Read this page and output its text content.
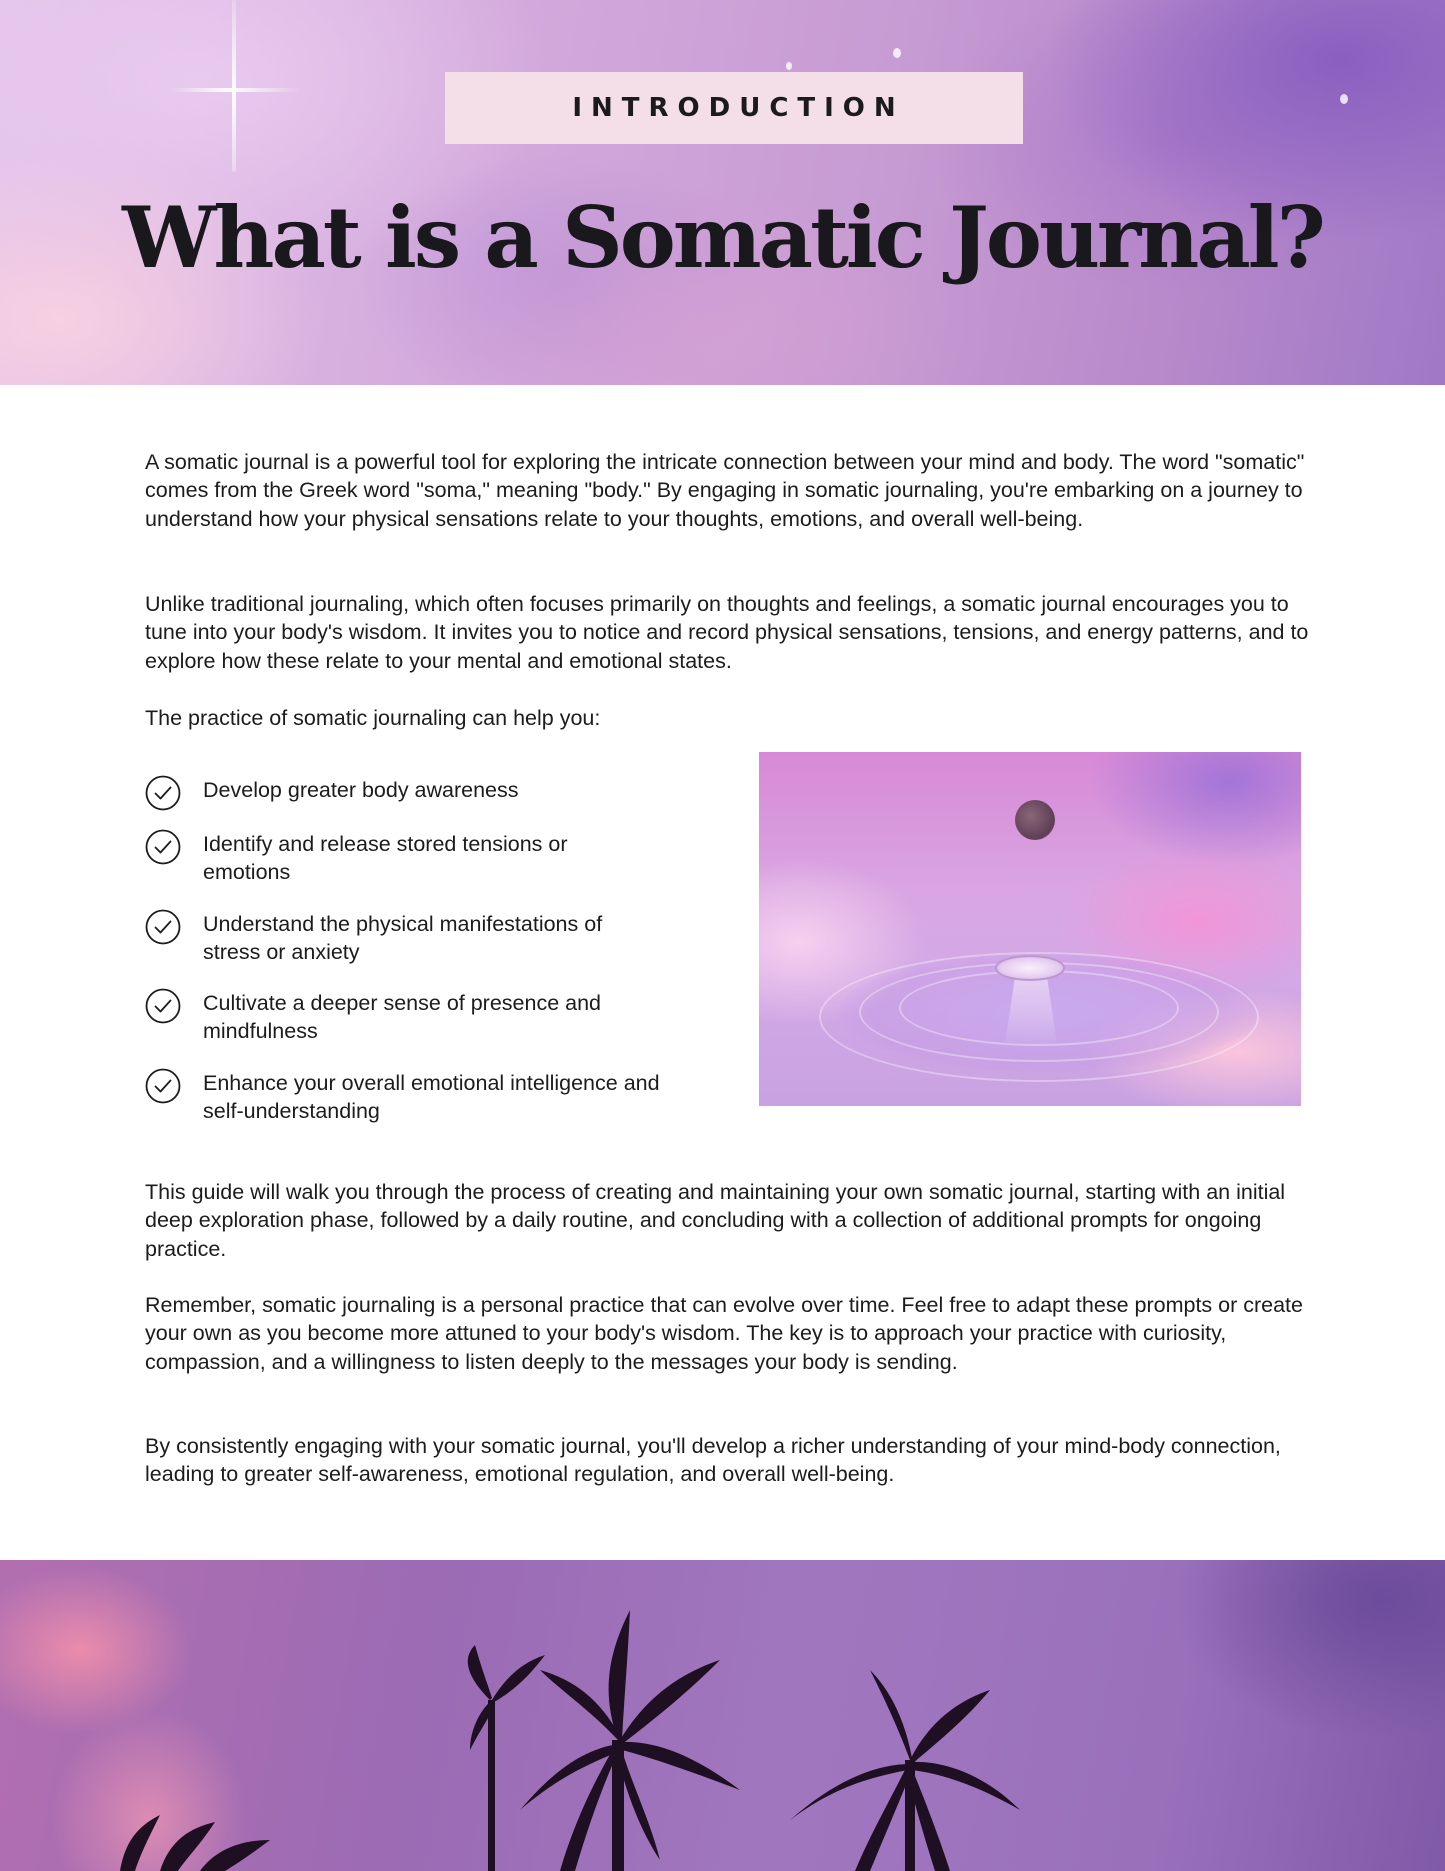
INTRODUCTION
What is a Somatic Journal?

A somatic journal is a powerful tool for exploring the intricate connection between your mind and body. The word "somatic" comes from the Greek word "soma," meaning "body." By engaging in somatic journaling, you're embarking on a journey to understand how your physical sensations relate to your thoughts, emotions, and overall well-being.

Unlike traditional journaling, which often focuses primarily on thoughts and feelings, a somatic journal encourages you to tune into your body's wisdom. It invites you to notice and record physical sensations, tensions, and energy patterns, and to explore how these relate to your mental and emotional states.

The practice of somatic journaling can help you:

Develop greater body awareness
Identify and release stored tensions or emotions
Understand the physical manifestations of stress or anxiety
Cultivate a deeper sense of presence and mindfulness
Enhance your overall emotional intelligence and self-understanding

This guide will walk you through the process of creating and maintaining your own somatic journal, starting with an initial deep exploration phase, followed by a daily routine, and concluding with a collection of additional prompts for ongoing practice.

Remember, somatic journaling is a personal practice that can evolve over time. Feel free to adapt these prompts or create your own as you become more attuned to your body's wisdom. The key is to approach your practice with curiosity, compassion, and a willingness to listen deeply to the messages your body is sending.

By consistently engaging with your somatic journal, you'll develop a richer understanding of your mind-body connection, leading to greater self-awareness, emotional regulation, and overall well-being.
